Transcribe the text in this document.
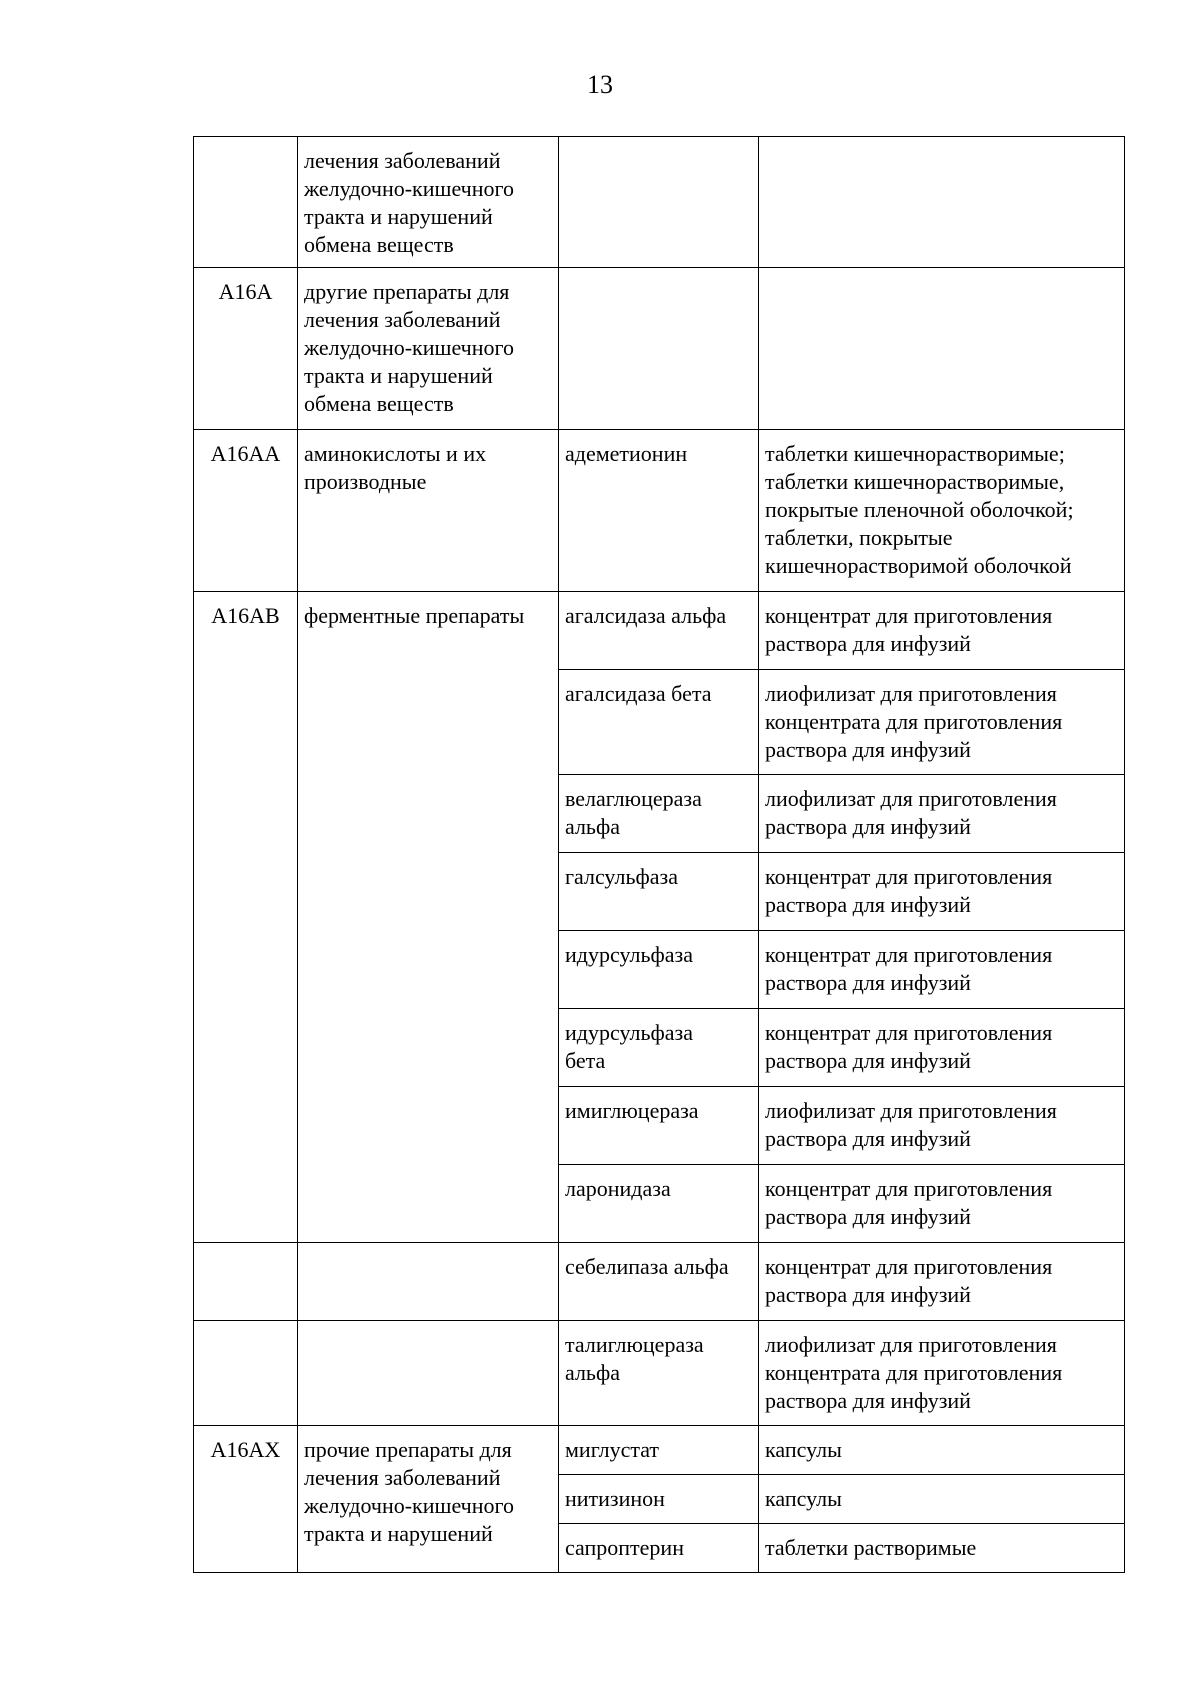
13

	лечения заболеваний
желудочно-кишечного
тракта и нарушений
обмена веществ		

A16A	другие препараты для
лечения заболеваний
желудочно-кишечного
тракта и нарушений
обмена веществ		

A16AA	аминокислоты и их
производные	адеметионин	таблетки кишечнорастворимые;
таблетки кишечнорастворимые,
покрытые пленочной оболочкой;
таблетки, покрытые
кишечнорастворимой оболочкой

A16AB	ферментные препараты	агалсидаза альфа	концентрат для приготовления
раствора для инфузий

		агалсидаза бета	лиофилизат для приготовления
концентрата для приготовления
раствора для инфузий

		велаглюцераза
альфа	лиофилизат для приготовления
раствора для инфузий

		галсульфаза	концентрат для приготовления
раствора для инфузий

		идурсульфаза	концентрат для приготовления
раствора для инфузий

		идурсульфаза
бета	концентрат для приготовления
раствора для инфузий

		имиглюцераза	лиофилизат для приготовления
раствора для инфузий

		ларонидаза	концентрат для приготовления
раствора для инфузий

		себелипаза альфа	концентрат для приготовления
раствора для инфузий

		талиглюцераза
альфа	лиофилизат для приготовления
концентрата для приготовления
раствора для инфузий

A16AX	прочие препараты для
лечения заболеваний
желудочно-кишечного
тракта и нарушений	миглустат	капсулы

		нитизинон	капсулы

		сапроптерин	таблетки растворимые
